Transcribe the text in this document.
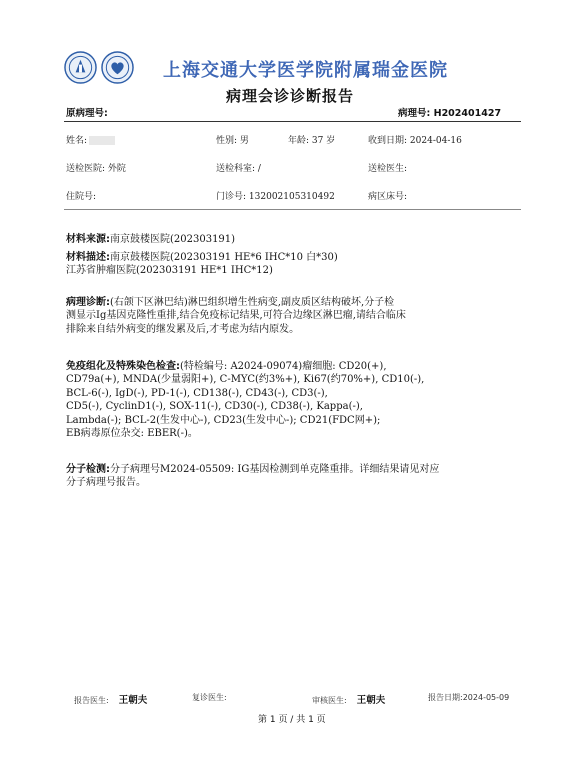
上海交通大学医学院附属瑞金医院
病理会诊诊断报告
原病理号:	病理号: H202401427
姓名:	性别: 男	年龄: 37 岁	收到日期: 2024-04-16
送检医院: 外院	送检科室: /	送检医生:
住院号:	门诊号: 132002105310492	病区床号:
材料来源:南京鼓楼医院(202303191)
材料描述:南京鼓楼医院(202303191 HE*6 IHC*10 白*30)
江苏省肿瘤医院(202303191 HE*1 IHC*12)
病理诊断:(右颌下区淋巴结)淋巴组织增生性病变,副皮质区结构破坏,分子检
测显示Ig基因克隆性重排,结合免疫标记结果,可符合边缘区淋巴瘤,请结合临床
排除来自结外病变的继发累及后,才考虑为结内原发。
免疫组化及特殊染色检查:(特检编号: A2024-09074)瘤细胞: CD20(+),
CD79a(+), MNDA(少量弱阳+), C-MYC(约3%+), Ki67(约70%+), CD10(-),
BCL-6(-), IgD(-), PD-1(-), CD138(-), CD43(-), CD3(-),
CD5(-), CyclinD1(-), SOX-11(-), CD30(-), CD38(-), Kappa(-),
Lambda(-); BCL-2(生发中心-), CD23(生发中心-); CD21(FDC网+);
EB病毒原位杂交: EBER(-)。
分子检测:分子病理号M2024-05509: IG基因检测到单克隆重排。详细结果请见对应
分子病理号报告。
报告医生: 王朝夫	复诊医生:	审核医生: 王朝夫	报告日期:2024-05-09
第 1 页 / 共 1 页
